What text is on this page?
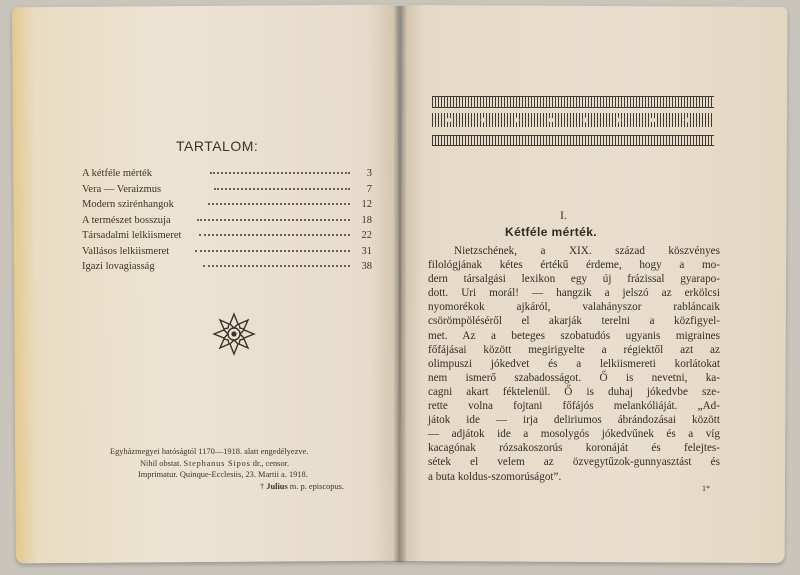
TARTALOM:
A kétféle mérték	3
Vera — Veraizmus	7
Modern szirénhangok	12
A természet bosszuja	18
Társadalmi lelkiismeret	22
Vallásos lelkiismeret	31
Igazi lovagiasság	38
Egyházmegyei hatóságtól 1170—1918. alatt engedélyezve.
Nihil obstat. Stephanus Sipos dr., censor.
Imprimatur. Quinque-Ecclesiis, 23. Martii a. 1918.
† Julius m. p. episcopus.
I.
Kétféle mérték.
Nietzschének, a XIX. század köszvényes
filológjának kétes értékű érdeme, hogy a mo-
dern társalgási lexikon egy új frázissal gyarapo-
dott. Uri morál! — hangzik a jelszó az erkölcsi
nyomorékok ajkáról, valahányszor rabláncaik
csörömpöléséről el akarják terelni a közfigyel-
met. Az a beteges szobatudós ugyanis migraines
főfájásai között megirigyelte a régiektől azt az
olimpuszi jókedvet és a lelkiismereti korlátokat
nem ismerő szabadosságot. Ő is nevetni, ka-
cagni akart féktelenül. Ő is duhaj jókedvbe sze-
rette volna fojtani főfájós melankóliáját. „Ad-
játok ide — irja deliriumos ábrándozásai között
— adjátok ide a mosolygós jókedvűnek és a víg
kacagónak rózsakoszorús koronáját és felejtes-
sétek el velem az özvegytűzok-gunnyasztást és
a buta koldus-szomorúságot”.
1*
